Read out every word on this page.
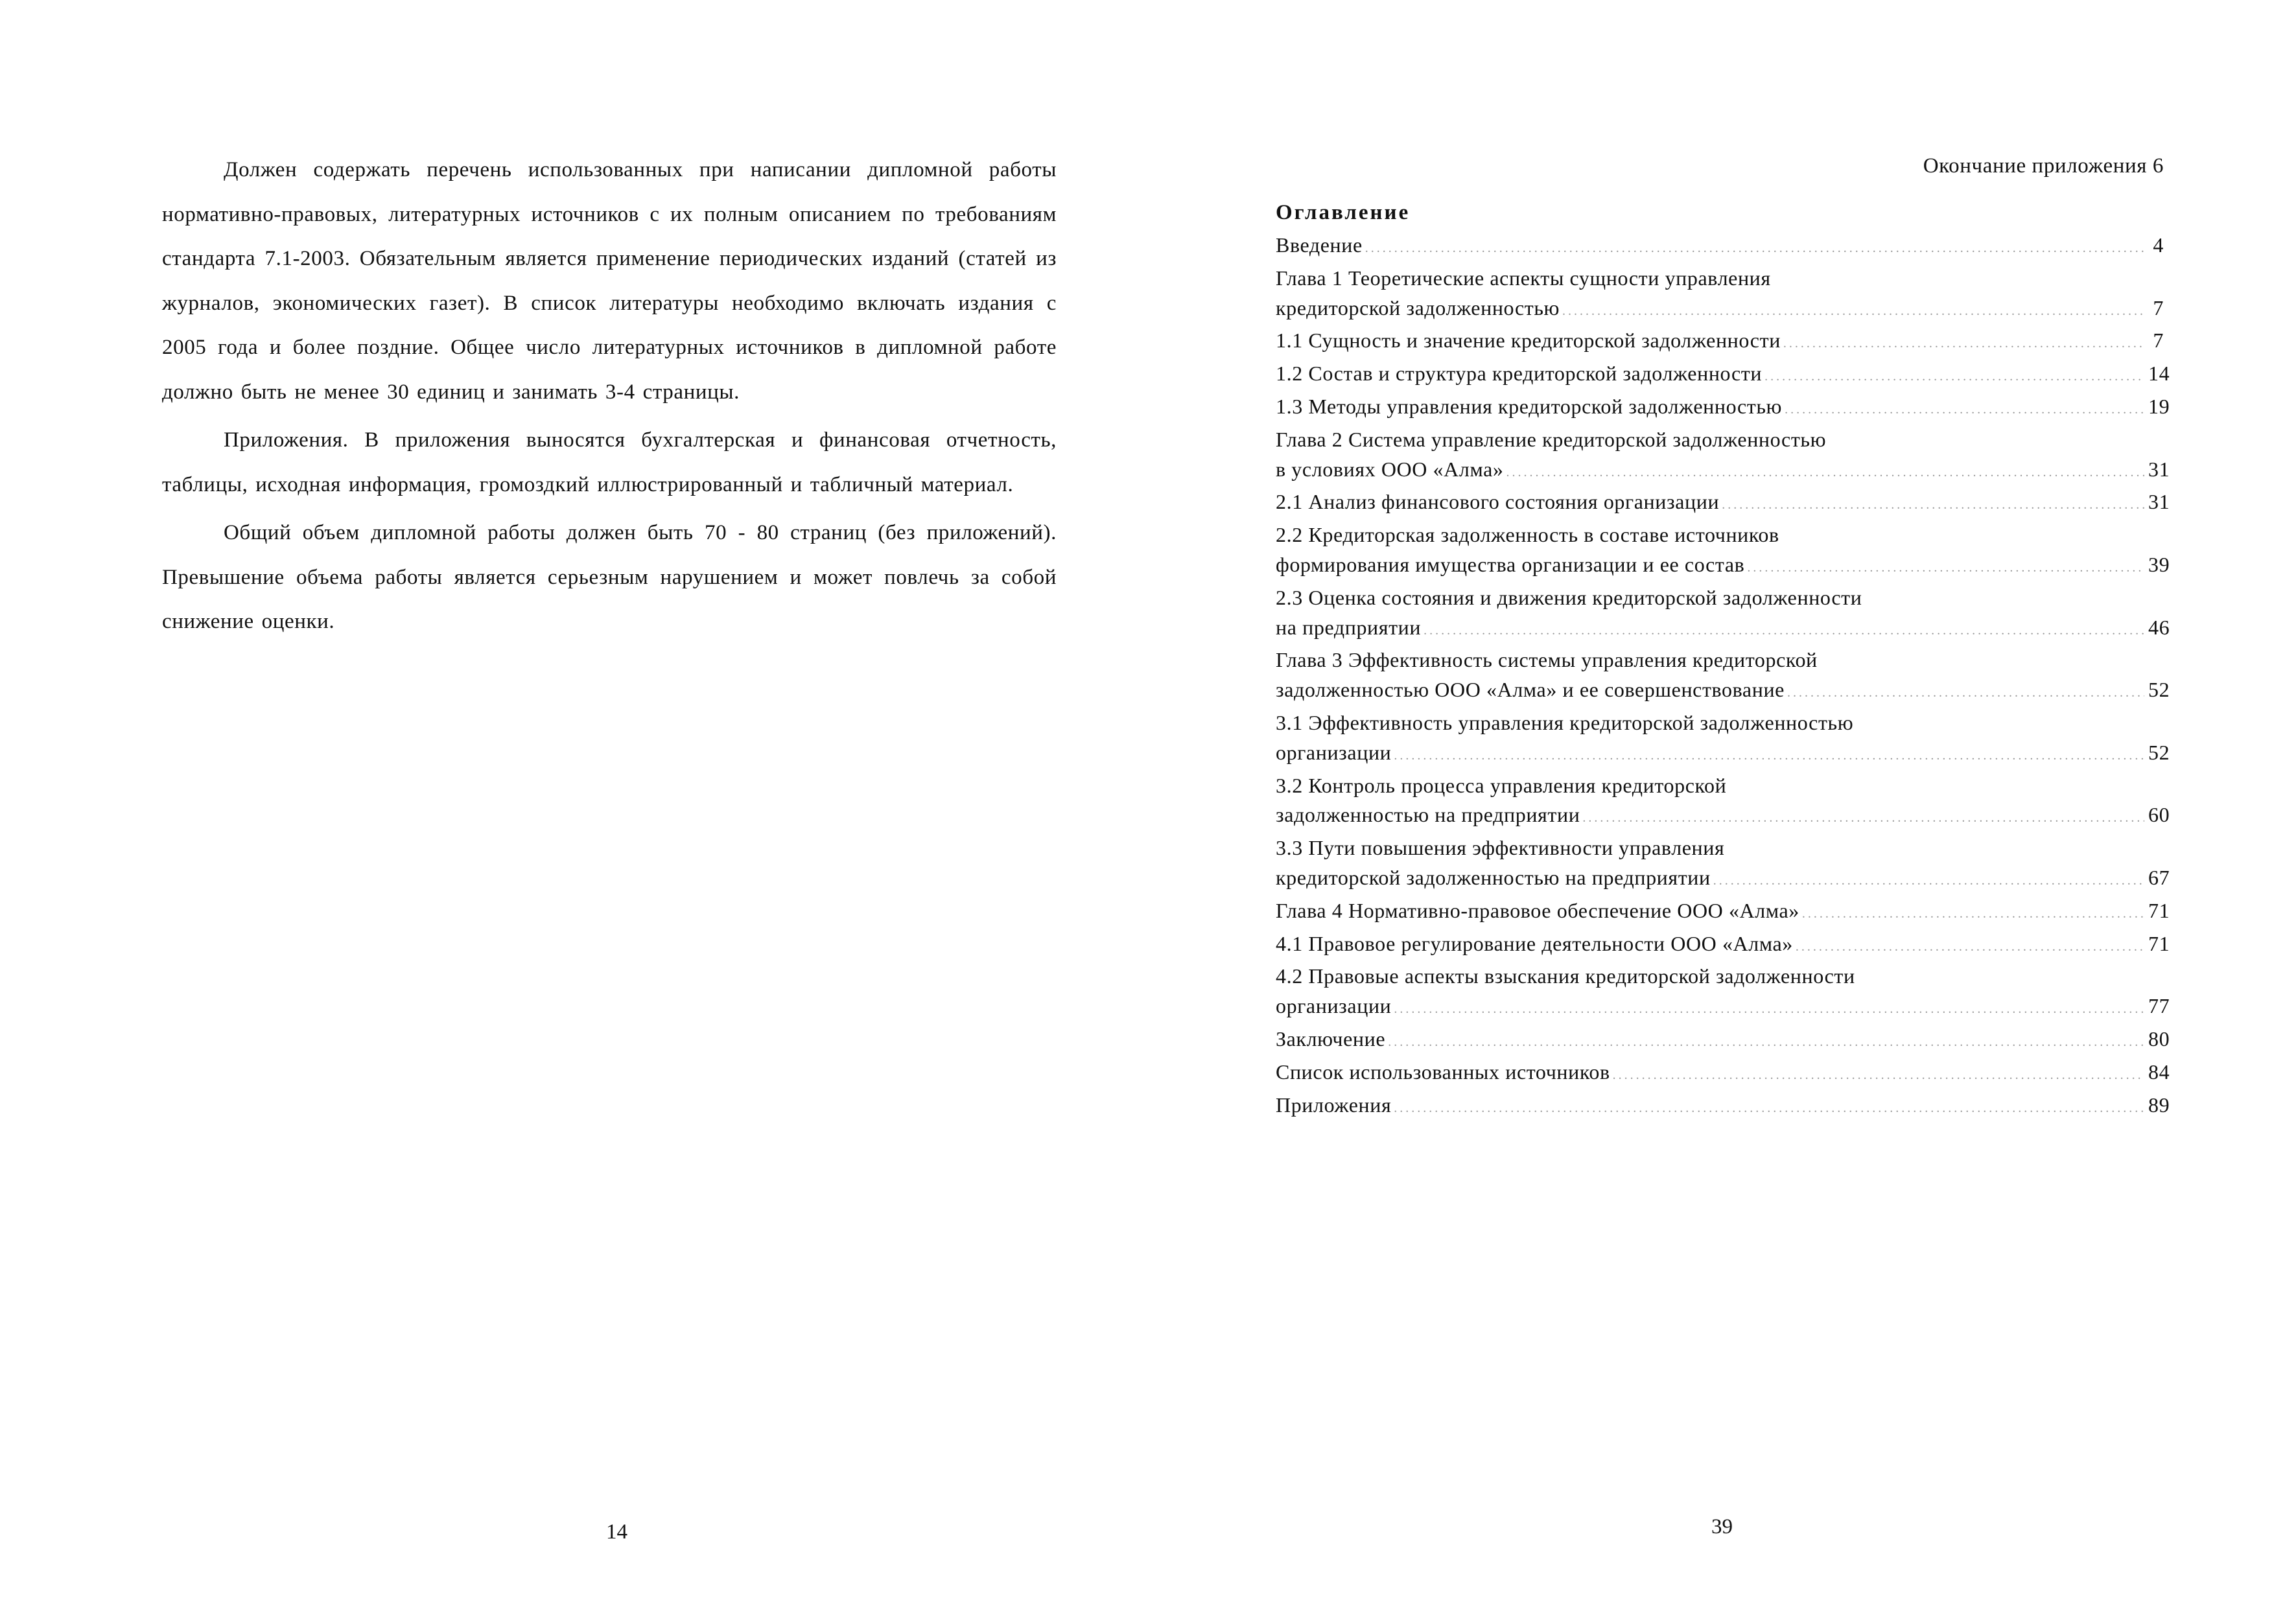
Должен содержать перечень использованных при написании дипломной работы нормативно-правовых, литературных источников с их полным описанием по требованиям стандарта 7.1-2003. Обязательным является применение периодических изданий (статей из журналов, экономических газет). В список литературы необходимо включать издания с 2005 года и более поздние. Общее число литературных источников в дипломной работе должно быть не менее 30 единиц и занимать 3-4 страницы.

Приложения. В приложения выносятся бухгалтерская и финансовая отчетность, таблицы, исходная информация, громоздкий иллюстрированный и табличный материал.

Общий объем дипломной работы должен быть 70 - 80 страниц (без приложений). Превышение объема работы является серьезным нарушением и может повлечь за собой снижение оценки.

14
Окончание приложения 6
Оглавление
Введение .....	4
Глава 1 Теоретические аспекты сущности управления
кредиторской задолженностью .....	7
1.1 Сущность и значение кредиторской задолженности .....	7
1.2 Состав и структура кредиторской задолженности .....	14
1.3 Методы управления кредиторской задолженностью .....	19
Глава 2 Система управление кредиторской задолженностью
в условиях ООО «Алма» .....	31
2.1 Анализ финансового состояния организации .....	31
2.2 Кредиторская задолженность в составе источников
формирования имущества организации и ее состав .....	39
2.3 Оценка состояния и движения кредиторской задолженности
на предприятии .....	46
Глава 3 Эффективность системы управления кредиторской
задолженностью ООО «Алма» и ее совершенствование .....	52
3.1 Эффективность управления кредиторской задолженностью
организации .....	52
3.2 Контроль процесса управления кредиторской
задолженностью на предприятии .....	60
3.3 Пути повышения эффективности управления
кредиторской задолженностью на предприятии .....	67
Глава 4 Нормативно-правовое обеспечение ООО «Алма» .....	71
4.1 Правовое регулирование деятельности ООО «Алма» .....	71
4.2 Правовые аспекты взыскания кредиторской задолженности
организации .....	77
Заключение .....	80
Список использованных источников .....	84
Приложения .....	89
39
